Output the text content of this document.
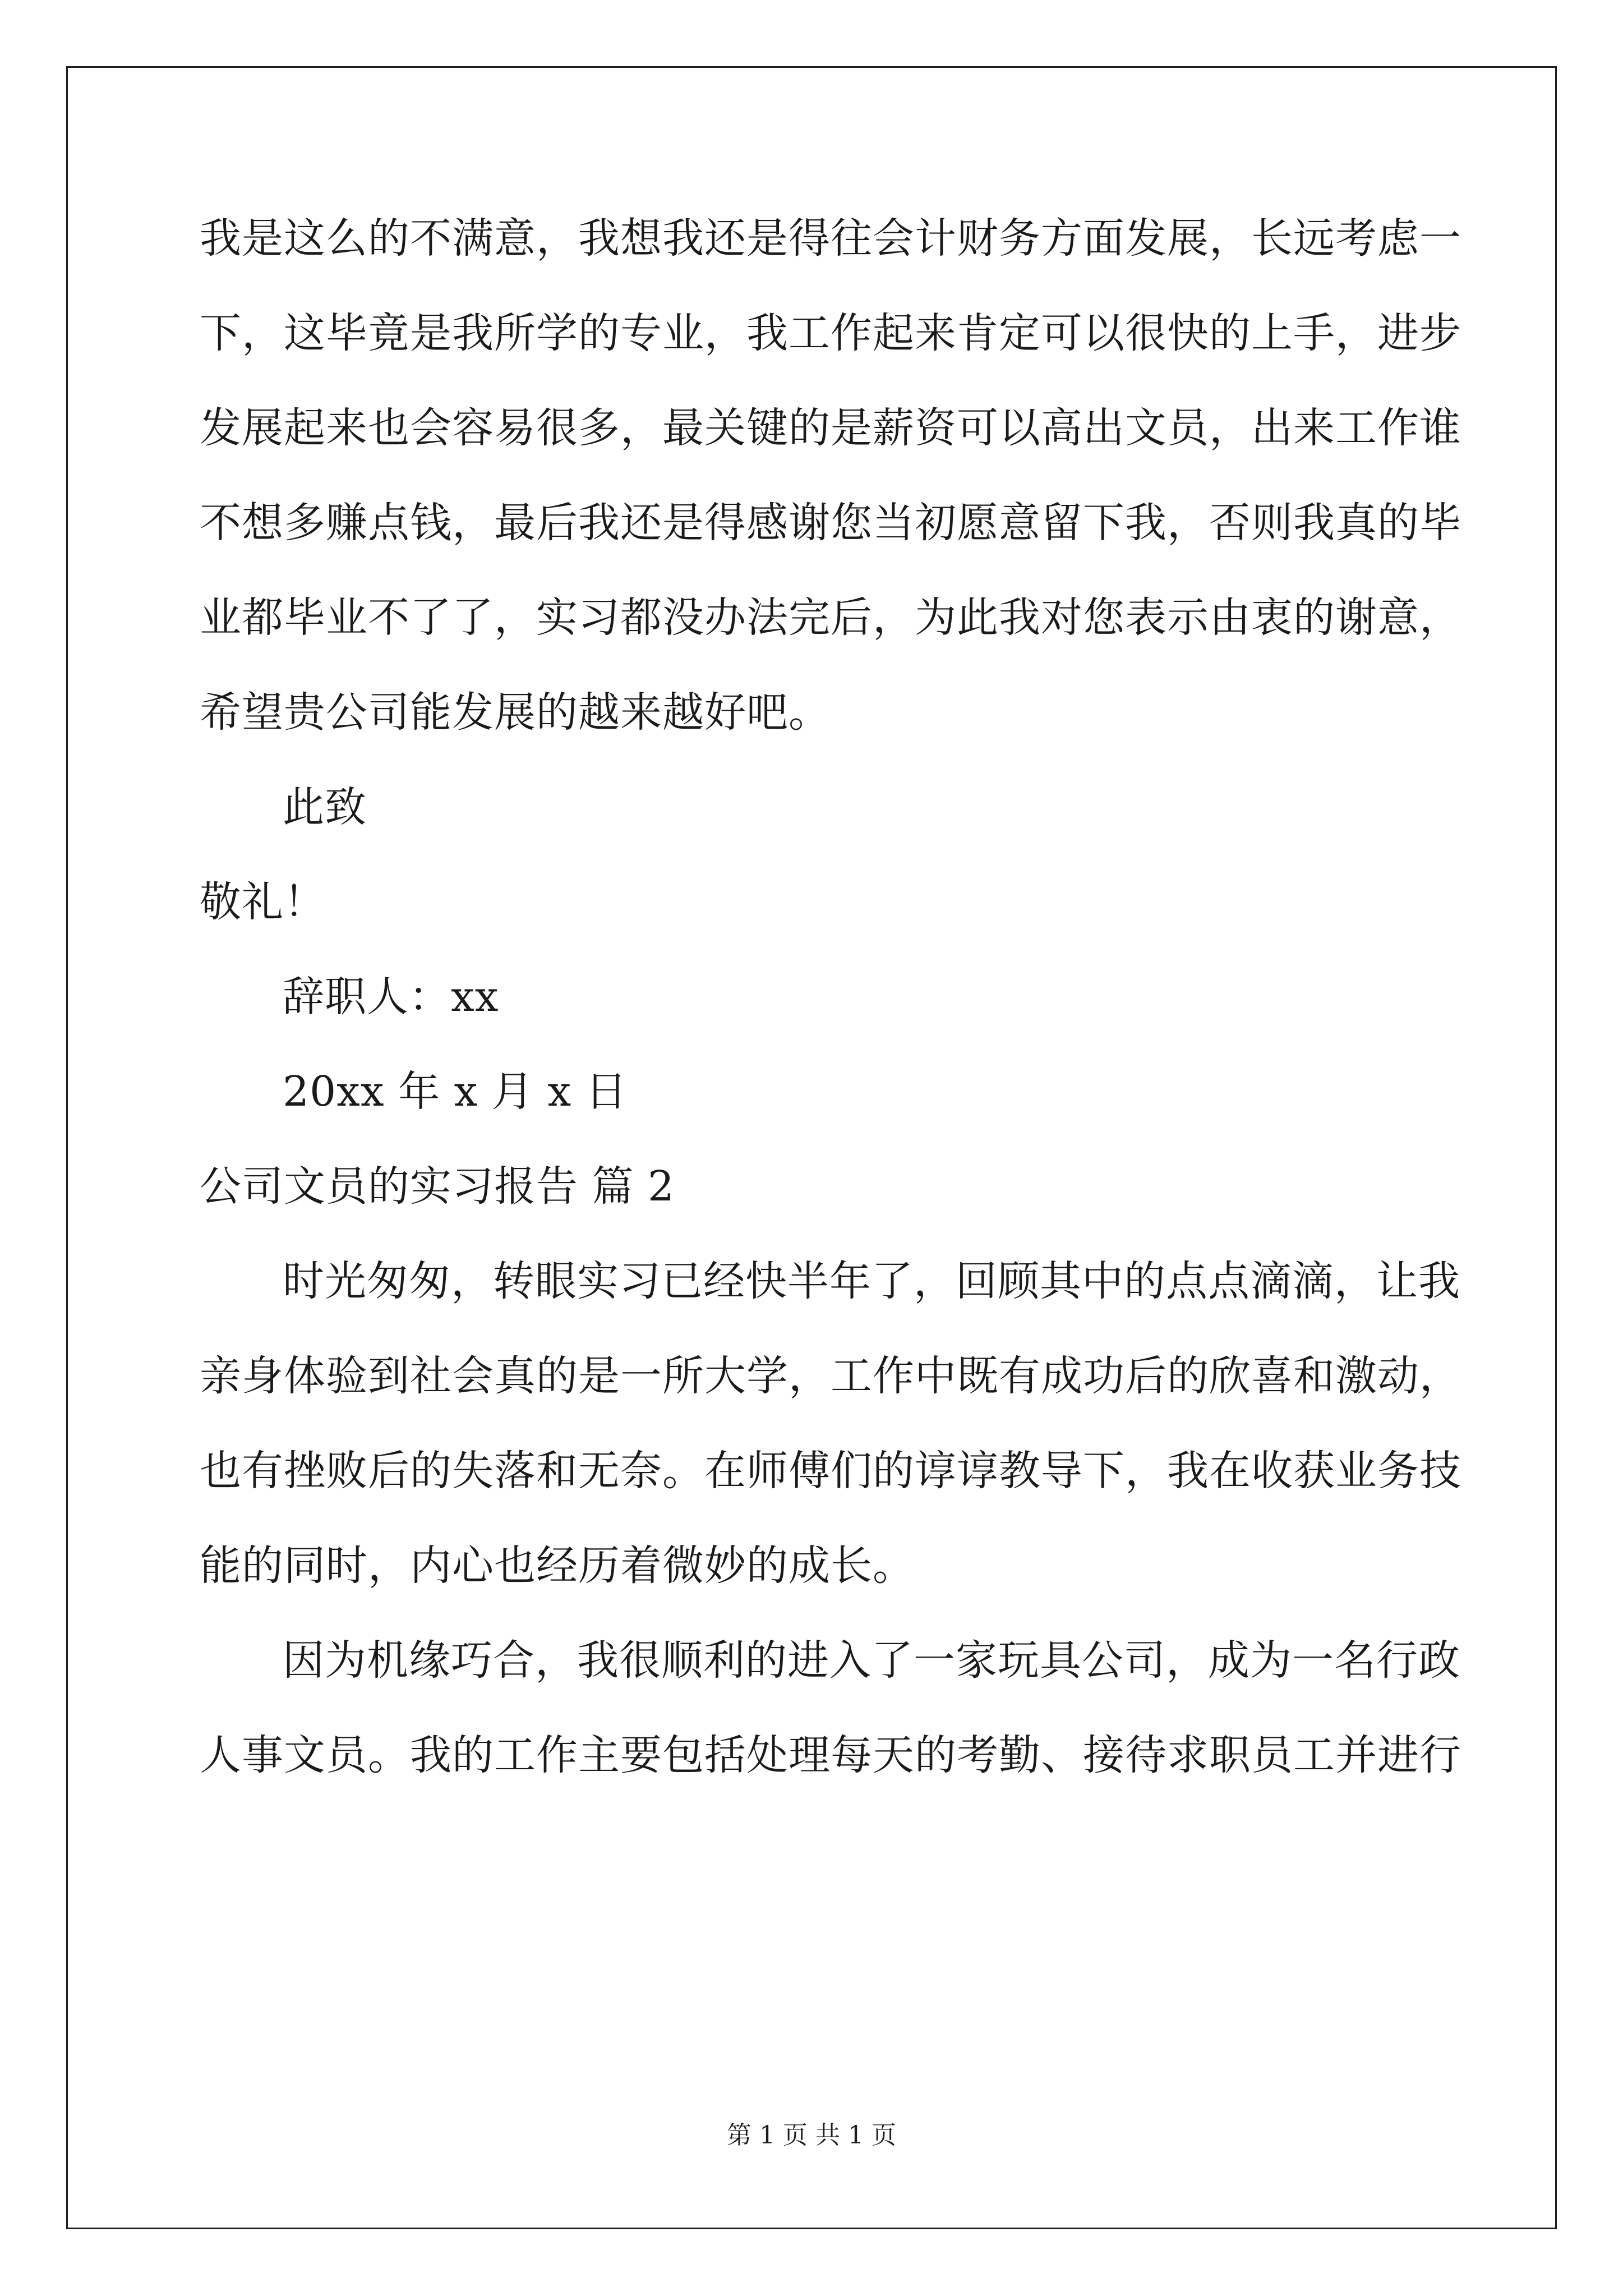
我是这么的不满意，我想我还是得往会计财务方面发展，长远考虑一
下，这毕竟是我所学的专业，我工作起来肯定可以很快的上手，进步
发展起来也会容易很多，最关键的是薪资可以高出文员，出来工作谁
不想多赚点钱，最后我还是得感谢您当初愿意留下我，否则我真的毕
业都毕业不了了，实习都没办法完后，为此我对您表示由衷的谢意，
希望贵公司能发展的越来越好吧。
此致
敬礼！
辞职人：xx
20xx 年 x 月 x 日
公司文员的实习报告 篇 2
时光匆匆，转眼实习已经快半年了，回顾其中的点点滴滴，让我
亲身体验到社会真的是一所大学，工作中既有成功后的欣喜和激动，
也有挫败后的失落和无奈。在师傅们的谆谆教导下，我在收获业务技
能的同时，内心也经历着微妙的成长。
因为机缘巧合，我很顺利的进入了一家玩具公司，成为一名行政
人事文员。我的工作主要包括处理每天的考勤、接待求职员工并进行
第 1 页 共 1 页
